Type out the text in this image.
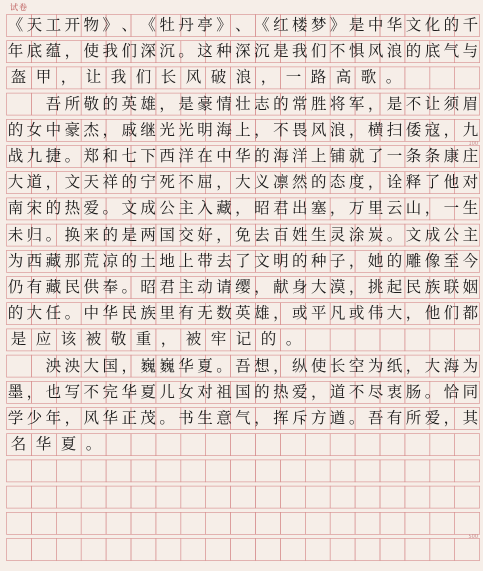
试卷
《 天 工 开 物 》 、 《 牡 丹 亭 》 、 《 红 楼 梦 》 是 中 华 文 化 的 千
年 底 蕴 ， 使 我 们 深 沉 。 这 种 深 沉 是 我 们 不 惧 风 浪 的 底 气 与
盔 甲 ， 让 我 们 长 风 破 浪 ， 一 路 高 歌 。
吾 所 敬 的 英 雄 ， 是 豪 情 壮 志 的 常 胜 将 军 ， 是 不 让 须 眉
的 女 中 豪 杰 ， 戚 继 光 光 明 海 上 ， 不 畏 风 浪 ， 横 扫 倭 寇 ， 九
战 九 捷 。 郑 和 七 下 西 洋 在 中 华 的 海 洋 上 铺 就 了 一 条 条 康 庄
大 道 ， 文 天 祥 的 宁 死 不 屈 ， 大 义 凛 然 的 态 度 ， 诠 释 了 他 对
南 宋 的 热 爱 。 文 成 公 主 入 藏 ， 昭 君 出 塞 ， 万 里 云 山 ， 一 生
未 归 。 换 来 的 是 两 国 交 好 ， 免 去 百 姓 生 灵 涂 炭 。 文 成 公 主
为 西 藏 那 荒 凉 的 土 地 上 带 去 了 文 明 的 种 子 ， 她 的 雕 像 至 今
仍 有 藏 民 供 奉 。 昭 君 主 动 请 缨 ， 献 身 大 漠 ， 挑 起 民 族 联 姻
的 大 任 。 中 华 民 族 里 有 无 数 英 雄 ， 或 平 凡 或 伟 大 ， 他 们 都
是 应 该 被 敬 重 ， 被 牢 记 的 。
泱 泱 大 国 ， 巍 巍 华 夏 。 吾 想 ， 纵 使 长 空 为 纸 ， 大 海 为
墨 ， 也 写 不 完 华 夏 儿 女 对 祖 国 的 热 爱 ， 道 不 尽 衷 肠 。 恰 同
学 少 年 ， 风 华 正 茂 。 书 生 意 气 ， 挥 斥 方 遒 。 吾 有 所 爱 ， 其
名 华 夏 。
100
500
